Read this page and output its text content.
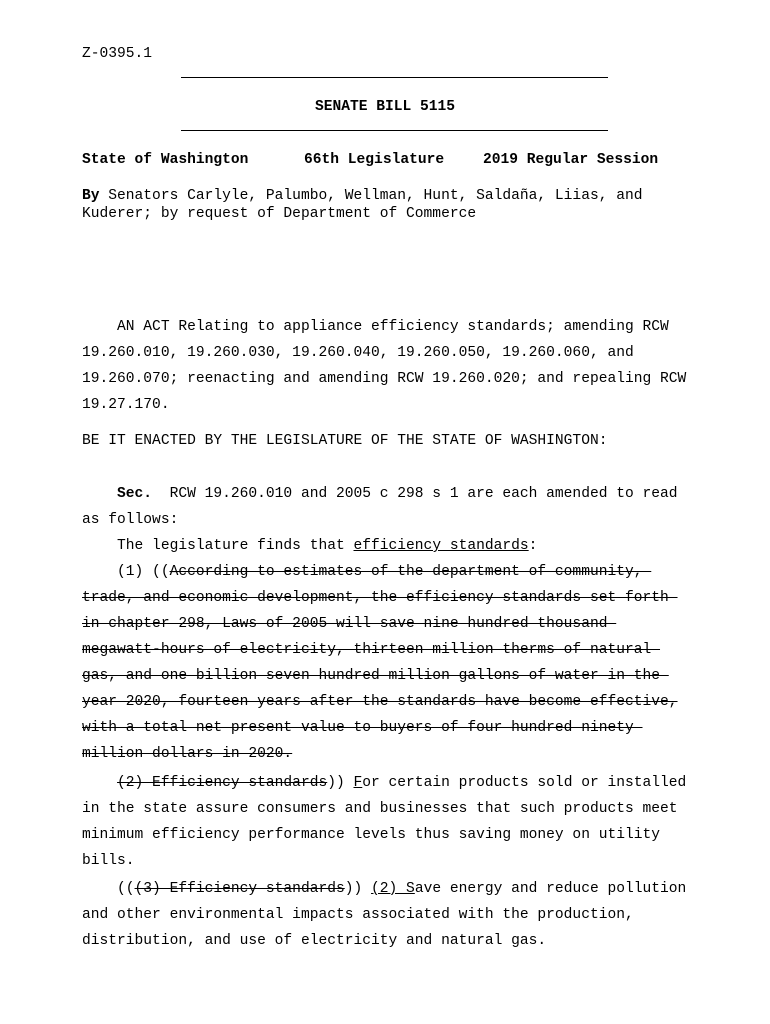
Z-0395.1
SENATE BILL 5115
State of Washington	66th Legislature	2019 Regular Session
By Senators Carlyle, Palumbo, Wellman, Hunt, Saldaña, Liias, and
Kuderer; by request of Department of Commerce
AN ACT Relating to appliance efficiency standards; amending RCW
19.260.010, 19.260.030, 19.260.040, 19.260.050, 19.260.060, and
19.260.070; reenacting and amending RCW 19.260.020; and repealing RCW
19.27.170.
BE IT ENACTED BY THE LEGISLATURE OF THE STATE OF WASHINGTON:
Sec.  RCW 19.260.010 and 2005 c 298 s 1 are each amended to read
as follows:
The legislature finds that efficiency standards:
(1) ((According to estimates of the department of community,
trade, and economic development, the efficiency standards set forth
in chapter 298, Laws of 2005 will save nine hundred thousand
megawatt-hours of electricity, thirteen million therms of natural
gas, and one billion seven hundred million gallons of water in the
year 2020, fourteen years after the standards have become effective,
with a total net present value to buyers of four hundred ninety
million dollars in 2020.
(2) Efficiency standards)) For certain products sold or installed
in the state assure consumers and businesses that such products meet
minimum efficiency performance levels thus saving money on utility
bills.
(((3) Efficiency standards)) (2) Save energy and reduce pollution
and other environmental impacts associated with the production,
distribution, and use of electricity and natural gas.
